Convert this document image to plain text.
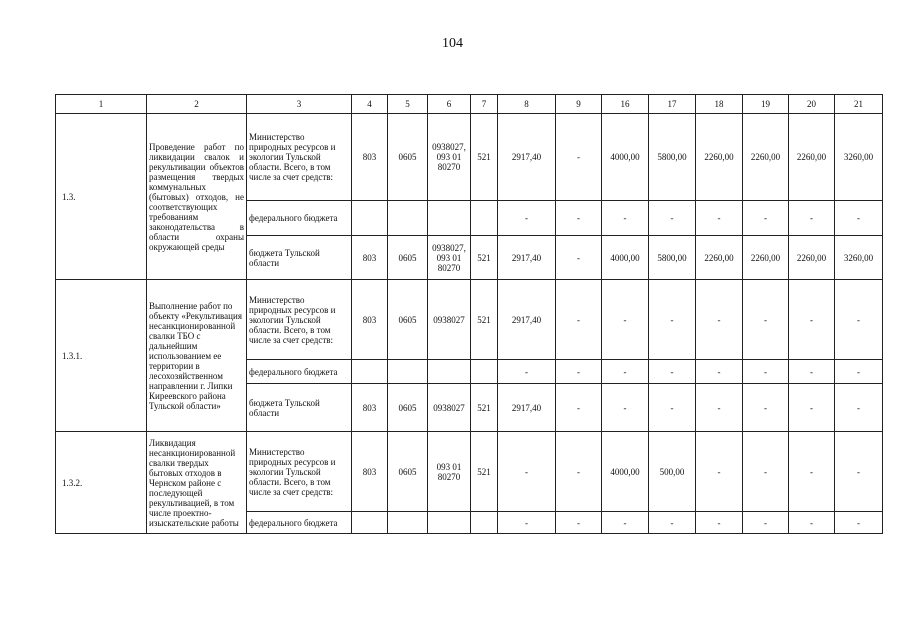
104
1	2	3	4	5	6	7	8	9	16	17	18	19	20	21
1.3.	Проведение работ по ликвидации свалок и рекультивации объектов размещения твердых коммунальных (бытовых) отходов, не соответствующих требованиям законодательства в области охраны окружающей среды	Министерство природных ресурсов и экологии Тульской области. Всего, в том числе за счет средств:	803	0605	0938027, 093 01 80270	521	2917,40	-	4000,00	5800,00	2260,00	2260,00	2260,00	3260,00
		федерального бюджета					-	-	-	-	-	-	-	-
		бюджета Тульской области	803	0605	0938027, 093 01 80270	521	2917,40	-	4000,00	5800,00	2260,00	2260,00	2260,00	3260,00
1.3.1.	Выполнение работ по объекту «Рекультивация несанкционированной свалки ТБО с дальнейшим использованием ее территории в лесохозяйственном направлении г. Липки Киреевского района Тульской области»	Министерство природных ресурсов и экологии Тульской области. Всего, в том числе за счет средств:	803	0605	0938027	521	2917,40	-	-	-	-	-	-	-
		федерального бюджета					-	-	-	-	-	-	-	-
		бюджета Тульской области	803	0605	0938027	521	2917,40	-	-	-	-	-	-	-
1.3.2.	Ликвидация несанкционированной свалки твердых бытовых отходов в Чернском районе с последующей рекультивацией, в том числе проектно-изыскательские работы	Министерство природных ресурсов и экологии Тульской области. Всего, в том числе за счет средств:	803	0605	093 01 80270	521	-	-	4000,00	500,00	-	-	-	-
		федерального бюджета					-	-	-	-	-	-	-	-
